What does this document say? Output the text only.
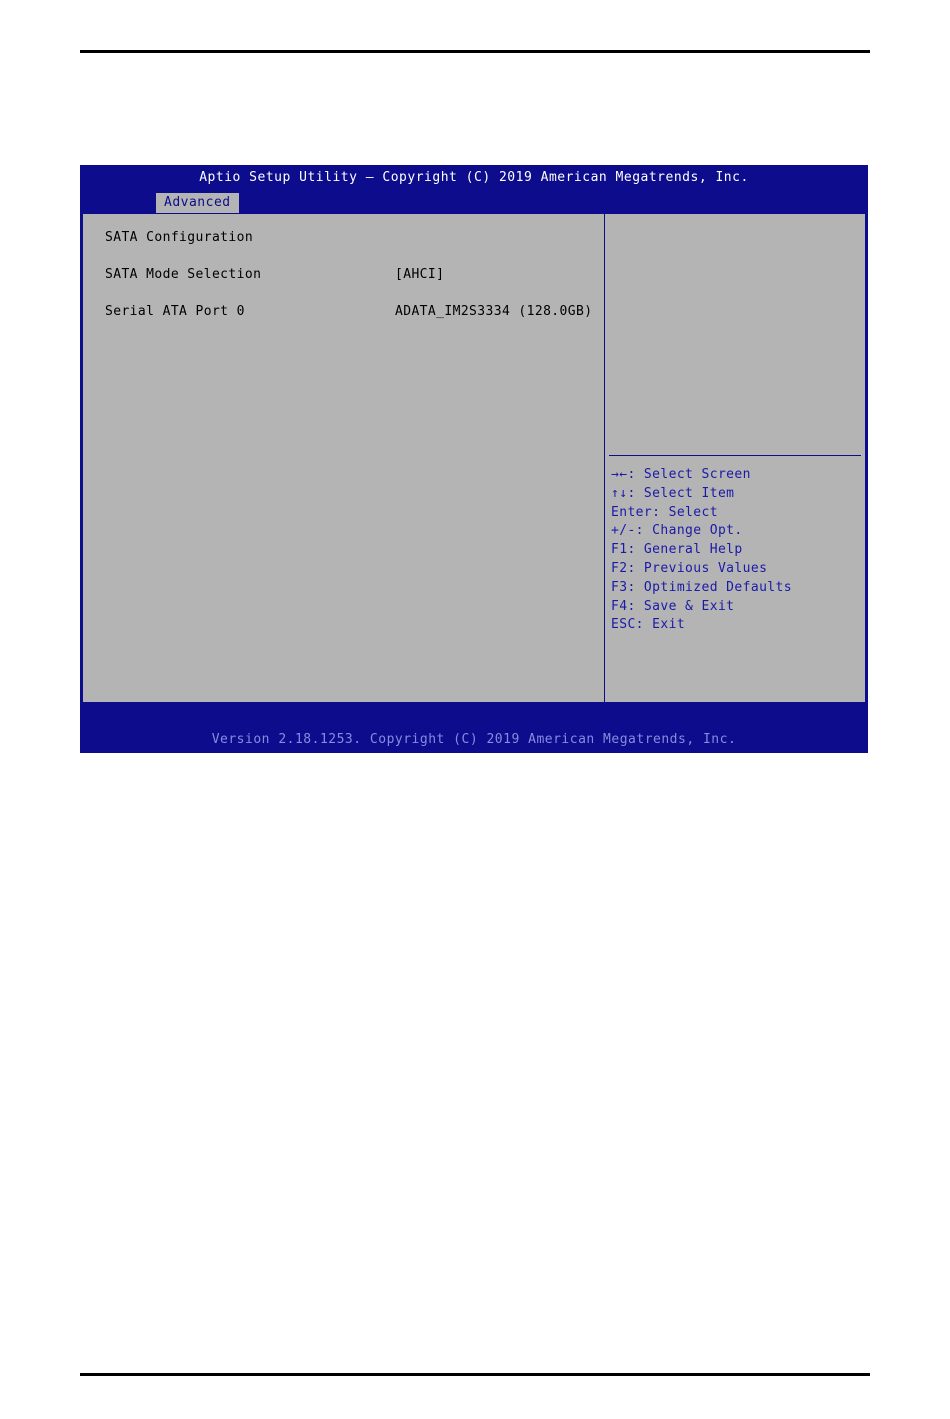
Aptio Setup Utility – Copyright (C) 2019 American Megatrends, Inc.
Advanced
SATA Configuration
SATA Mode Selection	[AHCI]
Serial ATA Port 0	ADATA_IM2S3334 (128.0GB)
→←: Select Screen
↑↓: Select Item
Enter: Select
+/-: Change Opt.
F1: General Help
F2: Previous Values
F3: Optimized Defaults
F4: Save & Exit
ESC: Exit
Version 2.18.1253. Copyright (C) 2019 American Megatrends, Inc.
